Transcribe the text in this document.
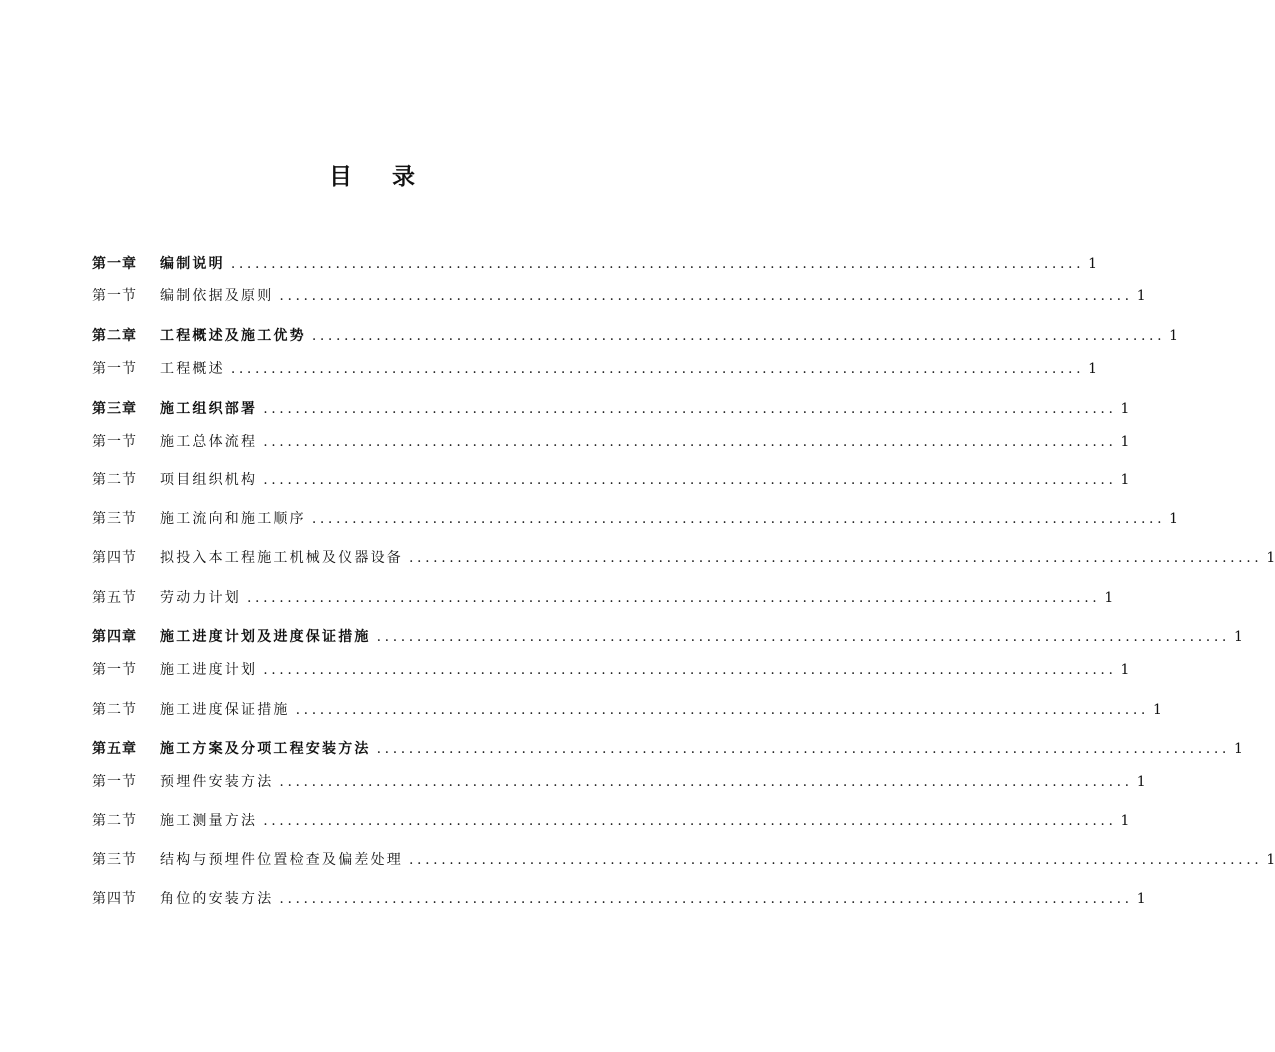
目 录
第一章	编制说明 .......................................................................................................... 1
第一节	编制依据及原则 .......................................................................................................... 1
第二章	工程概述及施工优势 .......................................................................................................... 1
第一节	工程概述 .......................................................................................................... 1
第三章	施工组织部署 .......................................................................................................... 1
第一节	施工总体流程 .......................................................................................................... 1
第二节	项目组织机构 .......................................................................................................... 1
第三节	施工流向和施工顺序 .......................................................................................................... 1
第四节	拟投入本工程施工机械及仪器设备 .......................................................................................................... 1
第五节	劳动力计划 .......................................................................................................... 1
第四章	施工进度计划及进度保证措施 .......................................................................................................... 1
第一节	施工进度计划 .......................................................................................................... 1
第二节	施工进度保证措施 .......................................................................................................... 1
第五章	施工方案及分项工程安装方法 .......................................................................................................... 1
第一节	预埋件安装方法 .......................................................................................................... 1
第二节	施工测量方法 .......................................................................................................... 1
第三节	结构与预埋件位置检查及偏差处理 .......................................................................................................... 1
第四节	角位的安装方法 .......................................................................................................... 1
